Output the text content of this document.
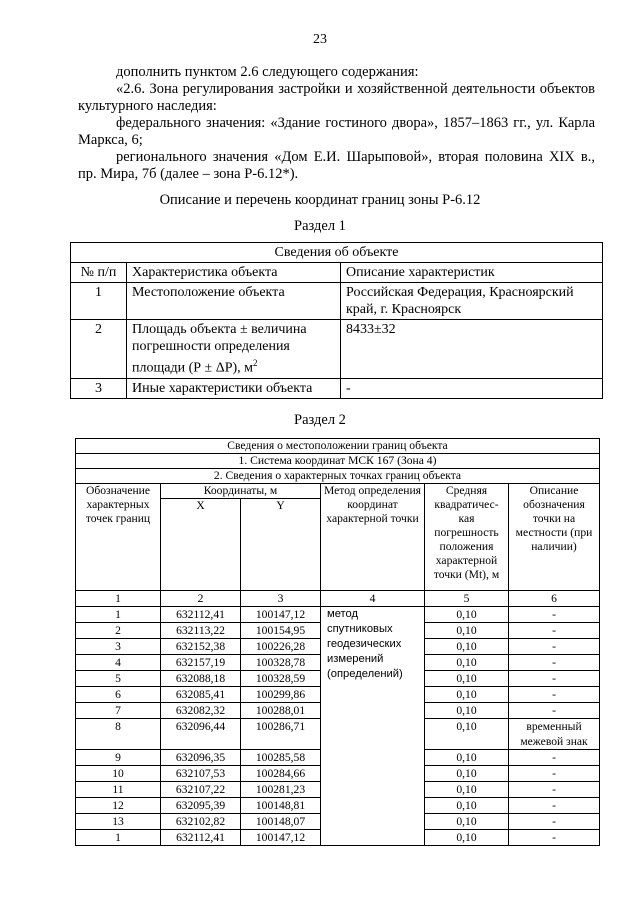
23
дополнить пунктом 2.6 следующего содержания:
«2.6. Зона регулирования застройки и хозяйственной деятельности объектов культурного наследия:
федерального значения: «Здание гостиного двора», 1857–1863 гг., ул. Карла Маркса, 6;
регионального значения «Дом Е.И. Шарыповой», вторая половина XIX в., пр. Мира, 7б (далее – зона Р-6.12*).
Описание и перечень координат границ зоны Р-6.12
Раздел 1
Сведения об объекте		
№ п/п	Характеристика объекта	Описание характеристик
1	Местоположение объекта	Российская Федерация, Красноярский край, г. Красноярск
2	Площадь объекта ± величина погрешности определения площади (Р ± ΔР), $м^2$	8433±32
3	Иные характеристики объекта	-
Раздел 2
Сведения о местоположении границ объекта					
1. Система координат МСК 167 (Зона 4)					
2. Сведения о характерных точках границ объекта					
Обозначение характерных точек границ	Координаты, м		Метод определения координат характерной точки	Средняя квадратичес-кая погрешность положения характерной точки (Mt), м	Описание обозначения точки на местности (при наличии)
	X	Y			
1	2	3	4	5	6
1	632112,41	100147,12	метод спутниковых геодезических измерений (определений)	0,10	-
2	632113,22	100154,95		0,10	-
3	632152,38	100226,28		0,10	-
4	632157,19	100328,78		0,10	-
5	632088,18	100328,59		0,10	-
6	632085,41	100299,86		0,10	-
7	632082,32	100288,01		0,10	-
8	632096,44	100286,71		0,10	временный межевой знак
9	632096,35	100285,58		0,10	-
10	632107,53	100284,66		0,10	-
11	632107,22	100281,23		0,10	-
12	632095,39	100148,81		0,10	-
13	632102,82	100148,07		0,10	-
1	632112,41	100147,12		0,10	-
